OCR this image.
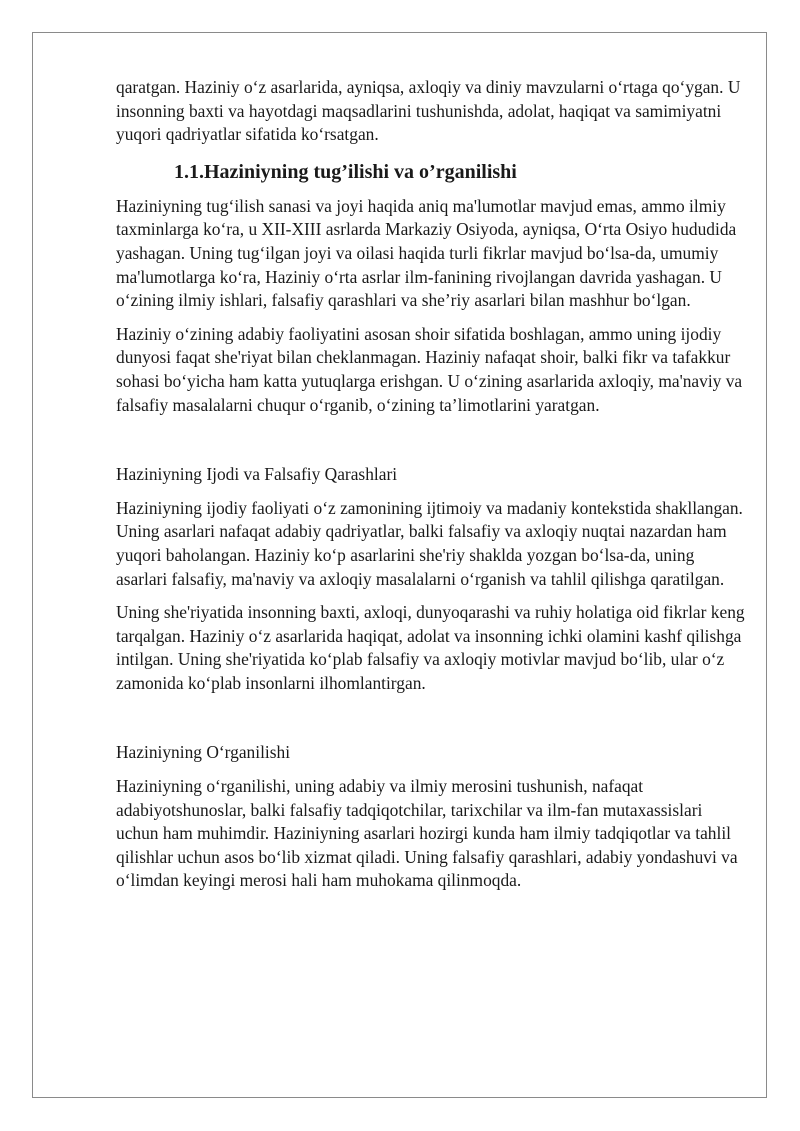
qaratgan. Haziniy o‘z asarlarida, ayniqsa, axloqiy va diniy mavzularni o‘rtaga qo‘ygan. U insonning baxti va hayotdagi maqsadlarini tushunishda, adolat, haqiqat va samimiyatni yuqori qadriyatlar sifatida ko‘rsatgan.

1.1.Haziniyning tug’ilishi va o’rganilishi

Haziniyning tug‘ilish sanasi va joyi haqida aniq ma'lumotlar mavjud emas, ammo ilmiy taxminlarga ko‘ra, u XII-XIII asrlarda Markaziy Osiyoda, ayniqsa, O‘rta Osiyo hududida yashagan. Uning tug‘ilgan joyi va oilasi haqida turli fikrlar mavjud bo‘lsa-da, umumiy ma'lumotlarga ko‘ra, Haziniy o‘rta asrlar ilm-fanining rivojlangan davrida yashagan. U o‘zining ilmiy ishlari, falsafiy qarashlari va she’riy asarlari bilan mashhur bo‘lgan.

Haziniy o‘zining adabiy faoliyatini asosan shoir sifatida boshlagan, ammo uning ijodiy dunyosi faqat she'riyat bilan cheklanmagan. Haziniy nafaqat shoir, balki fikr va tafakkur sohasi bo‘yicha ham katta yutuqlarga erishgan. U o‘zining asarlarida axloqiy, ma'naviy va falsafiy masalalarni chuqur o‘rganib, o‘zining ta’limotlarini yaratgan.

Haziniyning Ijodi va Falsafiy Qarashlari

Haziniyning ijodiy faoliyati o‘z zamonining ijtimoiy va madaniy kontekstida shakllangan. Uning asarlari nafaqat adabiy qadriyatlar, balki falsafiy va axloqiy nuqtai nazardan ham yuqori baholangan. Haziniy ko‘p asarlarini she'riy shaklda yozgan bo‘lsa-da, uning asarlari falsafiy, ma'naviy va axloqiy masalalarni o‘rganish va tahlil qilishga qaratilgan.

Uning she'riyatida insonning baxti, axloqi, dunyoqarashi va ruhiy holatiga oid fikrlar keng tarqalgan. Haziniy o‘z asarlarida haqiqat, adolat va insonning ichki olamini kashf qilishga intilgan. Uning she'riyatida ko‘plab falsafiy va axloqiy motivlar mavjud bo‘lib, ular o‘z zamonida ko‘plab insonlarni ilhomlantirgan.

Haziniyning O‘rganilishi

Haziniyning o‘rganilishi, uning adabiy va ilmiy merosini tushunish, nafaqat adabiyotshunoslar, balki falsafiy tadqiqotchilar, tarixchilar va ilm-fan mutaxassislari uchun ham muhimdir. Haziniyning asarlari hozirgi kunda ham ilmiy tadqiqotlar va tahlil qilishlar uchun asos bo‘lib xizmat qiladi. Uning falsafiy qarashlari, adabiy yondashuvi va o‘limdan keyingi merosi hali ham muhokama qilinmoqda.
